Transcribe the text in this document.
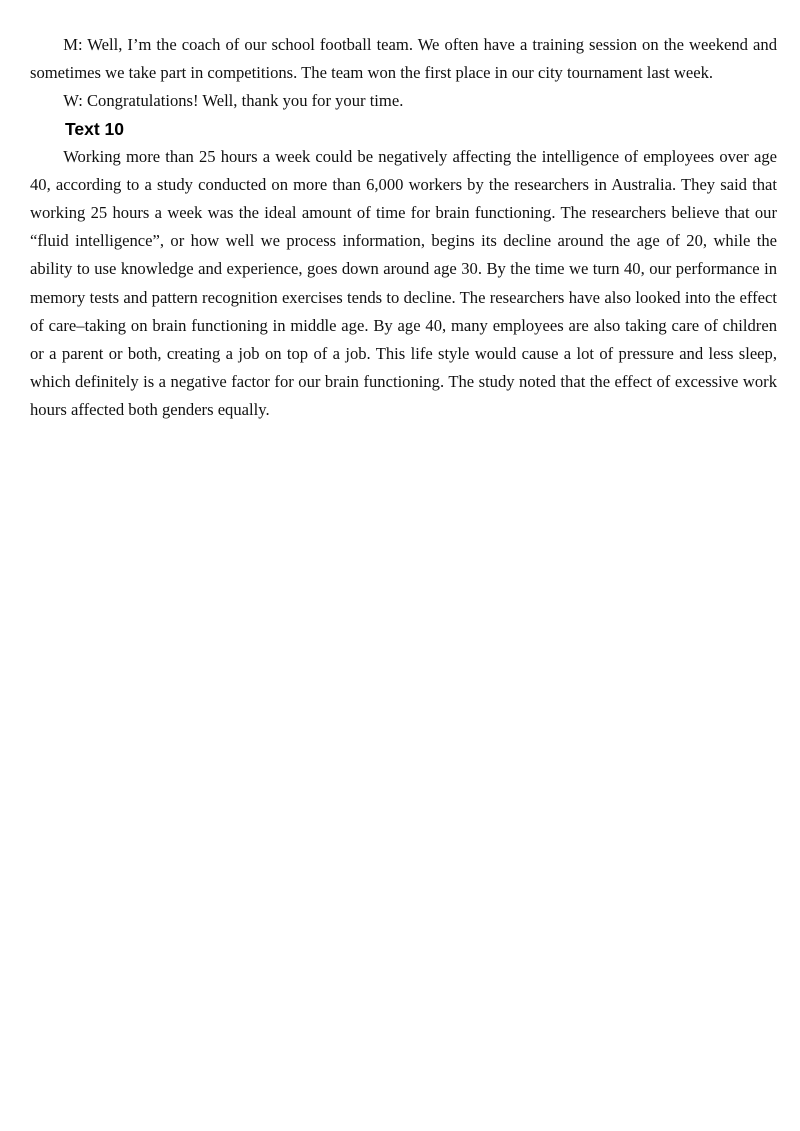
M: Well, I’m the coach of our school football team. We often have a training session on the weekend and sometimes we take part in competitions. The team won the first place in our city tournament last week.

W: Congratulations! Well, thank you for your time.

Text 10

Working more than 25 hours a week could be negatively affecting the intelligence of employees over age 40, according to a study conducted on more than 6,000 workers by the researchers in Australia. They said that working 25 hours a week was the ideal amount of time for brain functioning. The researchers believe that our “fluid intelligence”, or how well we process information, begins its decline around the age of 20, while the ability to use knowledge and experience, goes down around age 30. By the time we turn 40, our performance in memory tests and pattern recognition exercises tends to decline. The researchers have also looked into the effect of care–taking on brain functioning in middle age. By age 40, many employees are also taking care of children or a parent or both, creating a job on top of a job. This life style would cause a lot of pressure and less sleep, which definitely is a negative factor for our brain functioning. The study noted that the effect of excessive work hours affected both genders equally.
